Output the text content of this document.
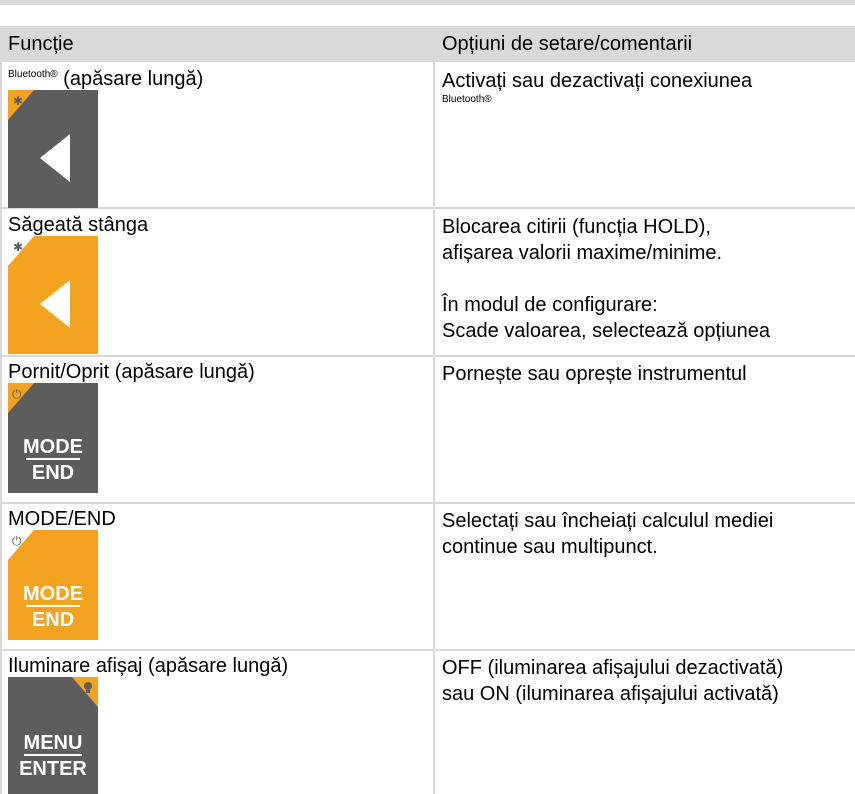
Funcție	Opțiuni de setare/comentarii
$^{Bluetooth®}$ (apăsare lungă)
✱
Activați sau dezactivați conexiunea
Bluetooth®
Săgeată stânga
✱
Blocarea citirii (funcția HOLD),
afișarea valorii maxime/minime.
În modul de configurare:
Scade valoarea, selectează opțiunea
Pornit/Oprit (apăsare lungă)
⏻
MODE
END
Pornește sau oprește instrumentul
MODE/END
⏻
MODE
END
Selectați sau încheiați calculul mediei
continue sau multipunct.
Iluminare afișaj (apăsare lungă)
MENU
ENTER
OFF (iluminarea afișajului dezactivată)
sau ON (iluminarea afișajului activată)
